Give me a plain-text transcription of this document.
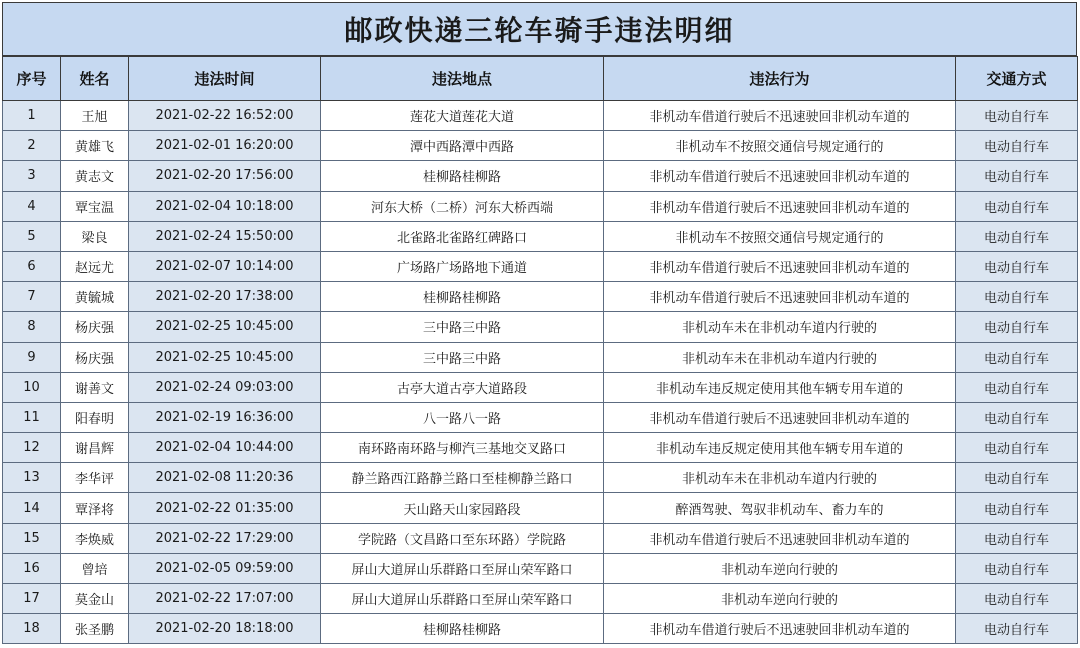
邮政快递三轮车骑手违法明细
序号	姓名	违法时间	违法地点	违法行为	交通方式
1	王旭	2021-02-22 16:52:00	莲花大道莲花大道	非机动车借道行驶后不迅速驶回非机动车道的	电动自行车
2	黄雄飞	2021-02-01 16:20:00	潭中西路潭中西路	非机动车不按照交通信号规定通行的	电动自行车
3	黄志文	2021-02-20 17:56:00	桂柳路桂柳路	非机动车借道行驶后不迅速驶回非机动车道的	电动自行车
4	覃宝温	2021-02-04 10:18:00	河东大桥（二桥）河东大桥西端	非机动车借道行驶后不迅速驶回非机动车道的	电动自行车
5	梁良	2021-02-24 15:50:00	北雀路北雀路红碑路口	非机动车不按照交通信号规定通行的	电动自行车
6	赵远尤	2021-02-07 10:14:00	广场路广场路地下通道	非机动车借道行驶后不迅速驶回非机动车道的	电动自行车
7	黄毓城	2021-02-20 17:38:00	桂柳路桂柳路	非机动车借道行驶后不迅速驶回非机动车道的	电动自行车
8	杨庆强	2021-02-25 10:45:00	三中路三中路	非机动车未在非机动车道内行驶的	电动自行车
9	杨庆强	2021-02-25 10:45:00	三中路三中路	非机动车未在非机动车道内行驶的	电动自行车
10	谢善文	2021-02-24 09:03:00	古亭大道古亭大道路段	非机动车违反规定使用其他车辆专用车道的	电动自行车
11	阳春明	2021-02-19 16:36:00	八一路八一路	非机动车借道行驶后不迅速驶回非机动车道的	电动自行车
12	谢昌辉	2021-02-04 10:44:00	南环路南环路与柳汽三基地交叉路口	非机动车违反规定使用其他车辆专用车道的	电动自行车
13	李华评	2021-02-08 11:20:36	静兰路西江路静兰路口至桂柳静兰路口	非机动车未在非机动车道内行驶的	电动自行车
14	覃泽将	2021-02-22 01:35:00	天山路天山家园路段	醉酒驾驶、驾驭非机动车、畜力车的	电动自行车
15	李焕威	2021-02-22 17:29:00	学院路（文昌路口至东环路）学院路	非机动车借道行驶后不迅速驶回非机动车道的	电动自行车
16	曾培	2021-02-05 09:59:00	屏山大道屏山乐群路口至屏山荣军路口	非机动车逆向行驶的	电动自行车
17	莫金山	2021-02-22 17:07:00	屏山大道屏山乐群路口至屏山荣军路口	非机动车逆向行驶的	电动自行车
18	张圣鹏	2021-02-20 18:18:00	桂柳路桂柳路	非机动车借道行驶后不迅速驶回非机动车道的	电动自行车
